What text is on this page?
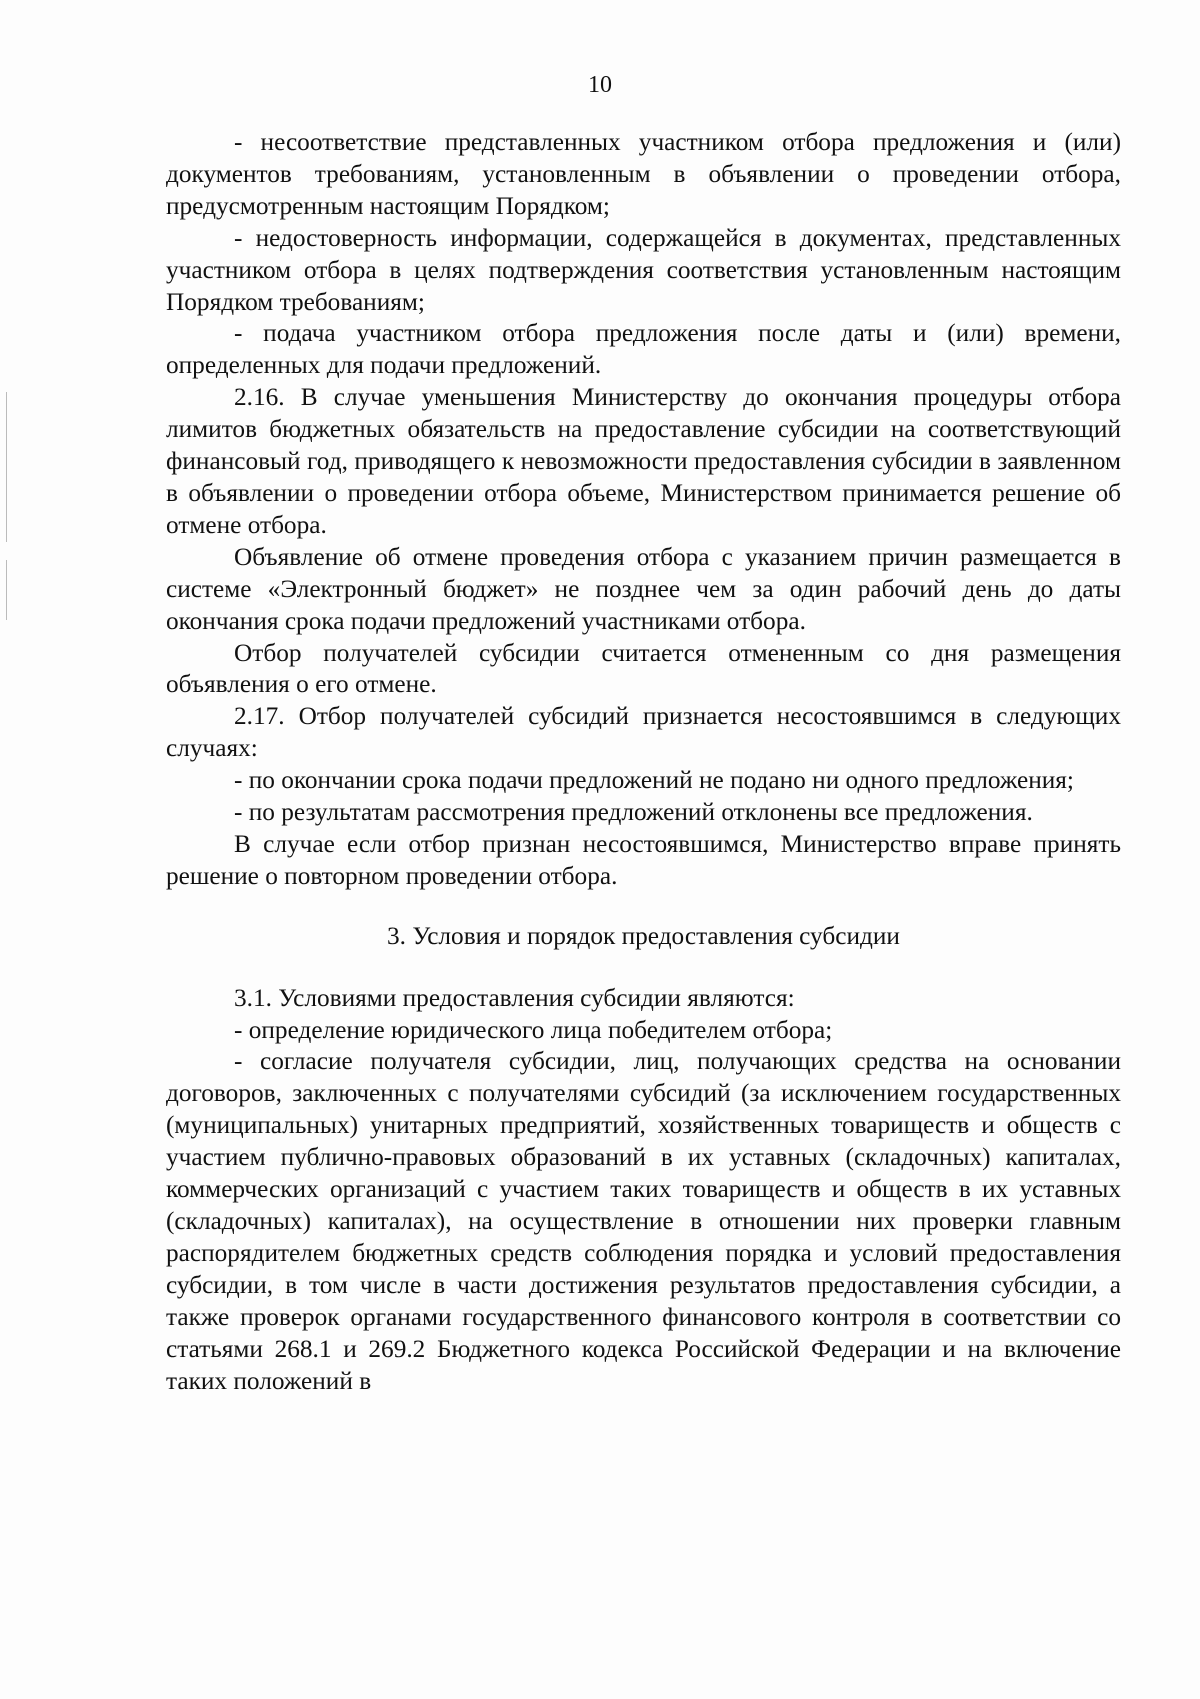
10

- несоответствие представленных участником отбора предложения и (или) документов требованиям, установленным в объявлении о проведении отбора, предусмотренным настоящим Порядком;

- недостоверность информации, содержащейся в документах, представленных участником отбора в целях подтверждения соответствия установленным настоящим Порядком требованиям;

- подача участником отбора предложения после даты и (или) времени, определенных для подачи предложений.

2.16. В случае уменьшения Министерству до окончания процедуры отбора лимитов бюджетных обязательств на предоставление субсидии на соответствующий финансовый год, приводящего к невозможности предоставления субсидии в заявленном в объявлении о проведении отбора объеме, Министерством принимается решение об отмене отбора.

Объявление об отмене проведения отбора с указанием причин размещается в системе «Электронный бюджет» не позднее чем за один рабочий день до даты окончания срока подачи предложений участниками отбора.

Отбор получателей субсидии считается отмененным со дня размещения объявления о его отмене.

2.17. Отбор получателей субсидий признается несостоявшимся в следующих случаях:

- по окончании срока подачи предложений не подано ни одного предложения;

- по результатам рассмотрения предложений отклонены все предложения.

В случае если отбор признан несостоявшимся, Министерство вправе принять решение о повторном проведении отбора.

3. Условия и порядок предоставления субсидии

3.1. Условиями предоставления субсидии являются:

- определение юридического лица победителем отбора;

- согласие получателя субсидии, лиц, получающих средства на основании договоров, заключенных с получателями субсидий (за исключением государственных (муниципальных) унитарных предприятий, хозяйственных товариществ и обществ с участием публично-правовых образований в их уставных (складочных) капиталах, коммерческих организаций с участием таких товариществ и обществ в их уставных (складочных) капиталах), на осуществление в отношении них проверки главным распорядителем бюджетных средств соблюдения порядка и условий предоставления субсидии, в том числе в части достижения результатов предоставления субсидии, а также проверок органами государственного финансового контроля в соответствии со статьями 268.1 и 269.2 Бюджетного кодекса Российской Федерации и на включение таких положений в
